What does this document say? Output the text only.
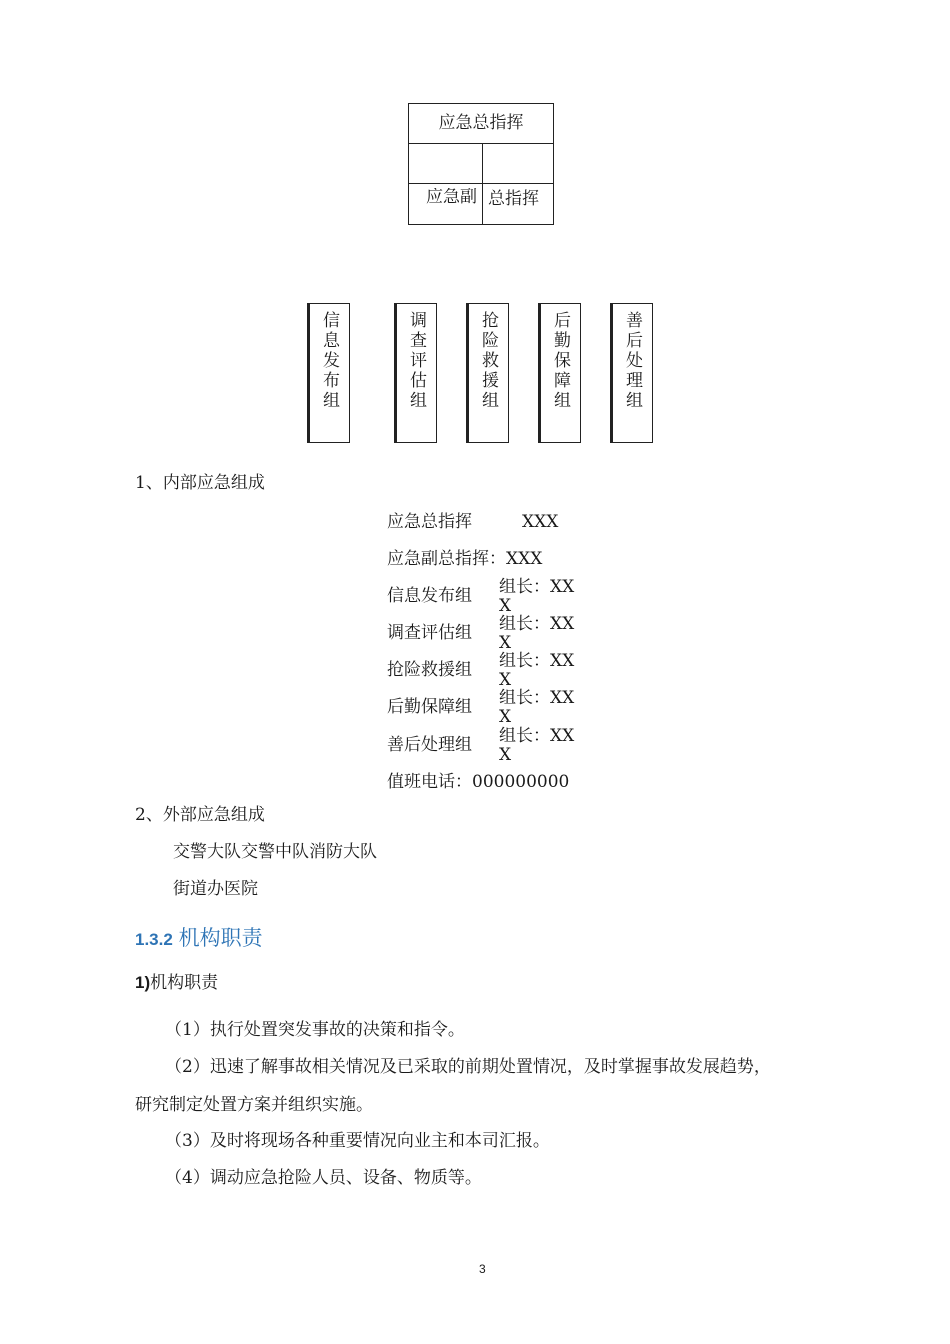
应急总指挥
应急副 总指挥
信息发布组	调查评估组	抢险救援组	后勤保障组	善后处理组
1、内部应急组成
应急总指挥	XXX
应急副总指挥：XXX
信息发布组 组长：XX
X
调查评估组 组长：XX
X
抢险救援组 组长：XX
X
后勤保障组 组长：XX
X
善后处理组 组长：XX
X
值班电话：000000000
2、外部应急组成
交警大队交警中队消防大队
街道办医院
1.3.2 机构职责
1)机构职责
（1）执行处置突发事故的决策和指令。
（2）迅速了解事故相关情况及已采取的前期处置情况，及时掌握事故发展趋势，
研究制定处置方案并组织实施。
（3）及时将现场各种重要情况向业主和本司汇报。
（4）调动应急抢险人员、设备、物质等。
3
